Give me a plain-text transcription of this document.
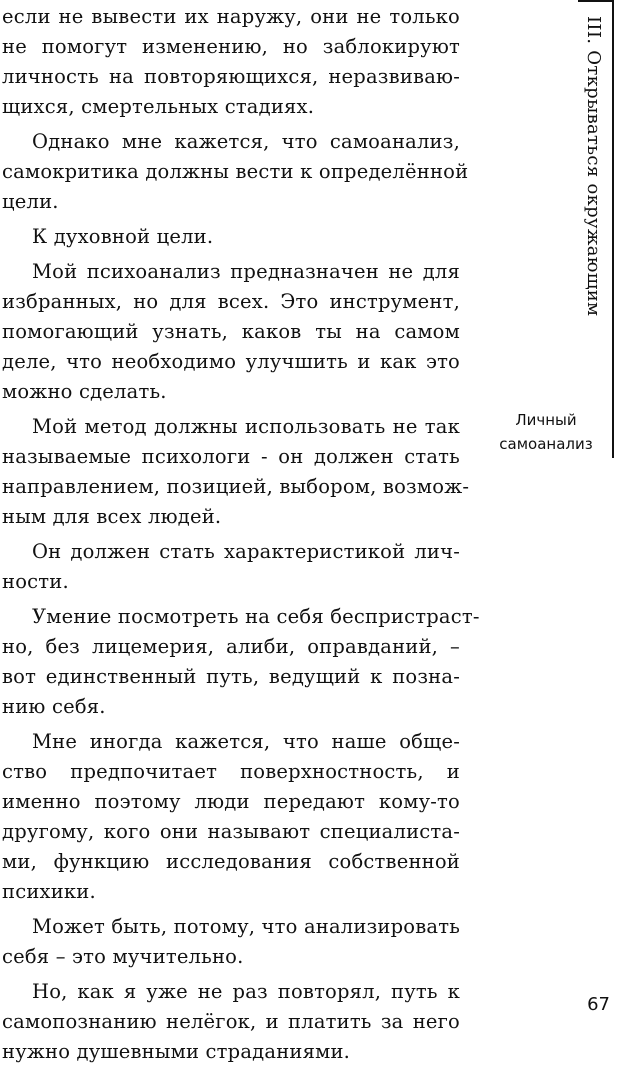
если не вывести их наружу, они не только
не помогут изменению, но заблокируют
личность на повторяющихся, неразвиваю-
щихся, смертельных стадиях.
Однако мне кажется, что самоанализ,
самокритика должны вести к определённой
цели.
К духовной цели.
Мой психоанализ предназначен не для
избранных, но для всех. Это инструмент,
помогающий узнать, каков ты на самом
деле, что необходимо улучшить и как это
можно сделать.
Мой метод должны использовать не так
называемые психологи - он должен стать
направлением, позицией, выбором, возмож-
ным для всех людей.
Он должен стать характеристикой лич-
ности.
Умение посмотреть на себя беспристраст-
но, без лицемерия, алиби, оправданий, –
вот единственный путь, ведущий к позна-
нию себя.
Мне иногда кажется, что наше обще-
ство предпочитает поверхностность, и
именно поэтому люди передают кому-то
другому, кого они называют специалиста-
ми, функцию исследования собственной
психики.
Может быть, потому, что анализировать
себя – это мучительно.
Но, как я уже не раз повторял, путь к
самопознанию нелёгок, и платить за него
нужно душевными страданиями.
III. Открываться окружающим
Личный
самоанализ
67
